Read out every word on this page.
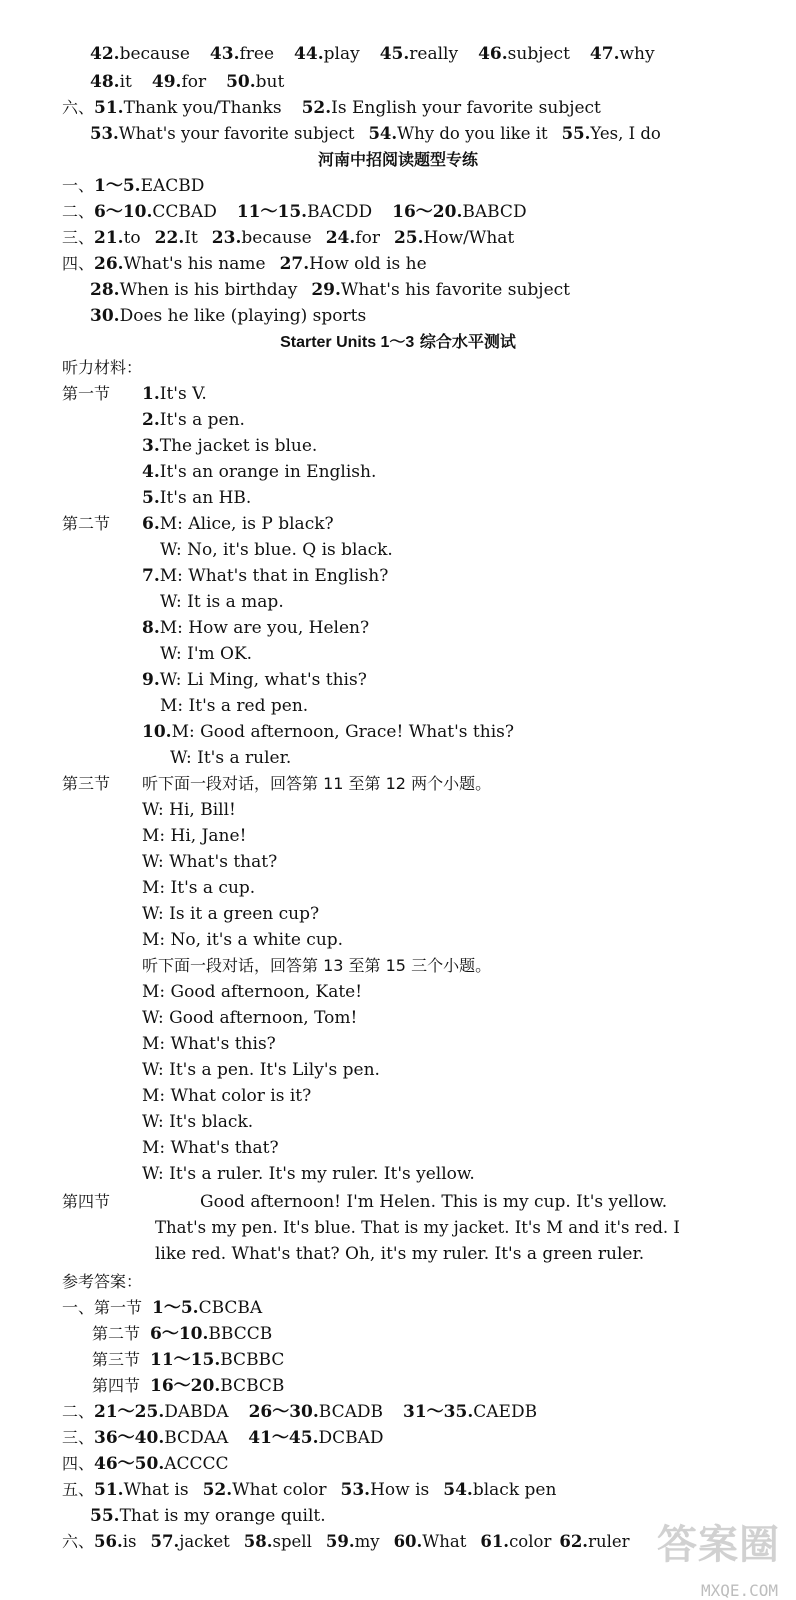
42.because 43.free 44.play 45.really 46.subject 47.why
48.it 49.for 50.but
六、51.Thank you/Thanks 52.Is English your favorite subject
53.What's your favorite subject 54.Why do you like it 55.Yes, I do
河南中招阅读题型专练
一、1～5.EACBD
二、6～10.CCBAD 11～15.BACDD 16～20.BABCD
三、21.to 22.It 23.because 24.for 25.How/What
四、26.What's his name 27.How old is he
28.When is his birthday 29.What's his favorite subject
30.Does he like (playing) sports
Starter Units 1～3 综合水平测试
听力材料：
第一节 1.It's V.
2.It's a pen.
3.The jacket is blue.
4.It's an orange in English.
5.It's an HB.
第二节 6.M: Alice, is P black?
W: No, it's blue. Q is black.
7.M: What's that in English?
W: It is a map.
8.M: How are you, Helen?
W: I'm OK.
9.W: Li Ming, what's this?
M: It's a red pen.
10.M: Good afternoon, Grace! What's this?
W: It's a ruler.
第三节 听下面一段对话，回答第 11 至第 12 两个小题。
W: Hi, Bill!
M: Hi, Jane!
W: What's that?
M: It's a cup.
W: Is it a green cup?
M: No, it's a white cup.
听下面一段对话，回答第 13 至第 15 三个小题。
M: Good afternoon, Kate!
W: Good afternoon, Tom!
M: What's this?
W: It's a pen. It's Lily's pen.
M: What color is it?
W: It's black.
M: What's that?
W: It's a ruler. It's my ruler. It's yellow.
第四节	Good afternoon! I'm Helen. This is my cup. It's yellow.
That's my pen. It's blue. That is my jacket. It's M and it's red. I
like red. What's that? Oh, it's my ruler. It's a green ruler.
参考答案：
一、第一节 1～5.CBCBA
第二节 6～10.BBCCB
第三节 11～15.BCBBC
第四节 16～20.BCBCB
二、21～25.DABDA 26～30.BCADB 31～35.CAEDB
三、36～40.BCDAA 41～45.DCBAD
四、46～50.ACCCC
五、51.What is 52.What color 53.How is 54.black pen
55.That is my orange quilt.
六、56.is 57.jacket 58.spell 59.my 60.What 61.color 62.ruler 答案圈
MXQE.COM
